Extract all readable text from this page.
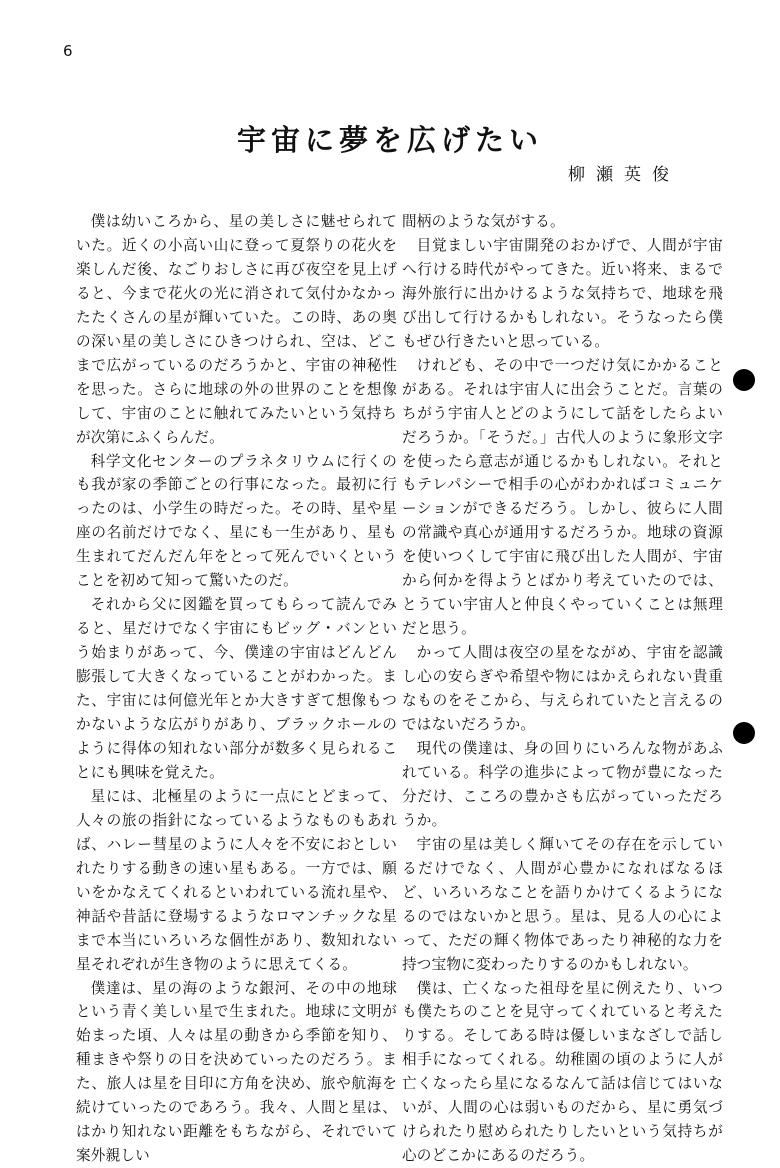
6
宇宙に夢を広げたい
柳瀬英俊

僕は幼いころから、星の美しさに魅せられていた。近くの小高い山に登って夏祭りの花火を楽しんだ後、なごりおしさに再び夜空を見上げると、今まで花火の光に消されて気付かなかったたくさんの星が輝いていた。この時、あの奥の深い星の美しさにひきつけられ、空は、どこまで広がっているのだろうかと、宇宙の神秘性を思った。さらに地球の外の世界のことを想像して、宇宙のことに触れてみたいという気持ちが次第にふくらんだ。

科学文化センターのプラネタリウムに行くのも我が家の季節ごとの行事になった。最初に行ったのは、小学生の時だった。その時、星や星座の名前だけでなく、星にも一生があり、星も生まれてだんだん年をとって死んでいくということを初めて知って驚いたのだ。

それから父に図鑑を買ってもらって読んでみると、星だけでなく宇宙にもビッグ・バンという始まりがあって、今、僕達の宇宙はどんどん膨張して大きくなっていることがわかった。また、宇宙には何億光年とか大きすぎて想像もつかないような広がりがあり、ブラックホールのように得体の知れない部分が数多く見られることにも興味を覚えた。

星には、北極星のように一点にとどまって、人々の旅の指針になっているようなものもあれば、ハレー彗星のように人々を不安におとしいれたりする動きの速い星もある。一方では、願いをかなえてくれるといわれている流れ星や、神話や昔話に登場するようなロマンチックな星まで本当にいろいろな個性があり、数知れない星それぞれが生き物のように思えてくる。

僕達は、星の海のような銀河、その中の地球という青く美しい星で生まれた。地球に文明が始まった頃、人々は星の動きから季節を知り、種まきや祭りの日を決めていったのだろう。また、旅人は星を目印に方角を決め、旅や航海を続けていったのであろう。我々、人間と星は、はかり知れない距離をもちながら、それでいて案外親しい

間柄のような気がする。

目覚ましい宇宙開発のおかげで、人間が宇宙へ行ける時代がやってきた。近い将来、まるで海外旅行に出かけるような気持ちで、地球を飛び出して行けるかもしれない。そうなったら僕もぜひ行きたいと思っている。

けれども、その中で一つだけ気にかかることがある。それは宇宙人に出会うことだ。言葉のちがう宇宙人とどのようにして話をしたらよいだろうか。「そうだ。」古代人のように象形文字を使ったら意志が通じるかもしれない。それともテレパシーで相手の心がわかればコミュニケーションができるだろう。しかし、彼らに人間の常識や真心が通用するだろうか。地球の資源を使いつくして宇宙に飛び出した人間が、宇宙から何かを得ようとばかり考えていたのでは、とうてい宇宙人と仲良くやっていくことは無理だと思う。

かって人間は夜空の星をながめ、宇宙を認識し心の安らぎや希望や物にはかえられない貴重なものをそこから、与えられていたと言えるのではないだろうか。

現代の僕達は、身の回りにいろんな物があふれている。科学の進歩によって物が豊になった分だけ、こころの豊かさも広がっていっただろうか。

宇宙の星は美しく輝いてその存在を示しているだけでなく、人間が心豊かになればなるほど、いろいろなことを語りかけてくるようになるのではないかと思う。星は、見る人の心によって、ただの輝く物体であったり神秘的な力を持つ宝物に変わったりするのかもしれない。

僕は、亡くなった祖母を星に例えたり、いつも僕たちのことを見守ってくれていると考えたりする。そしてある時は優しいまなざしで話し相手になってくれる。幼稚園の頃のように人が亡くなったら星になるなんて話は信じてはいないが、人間の心は弱いものだから、星に勇気づけられたり慰められたりしたいという気持ちが心のどこかにあるのだろう。
